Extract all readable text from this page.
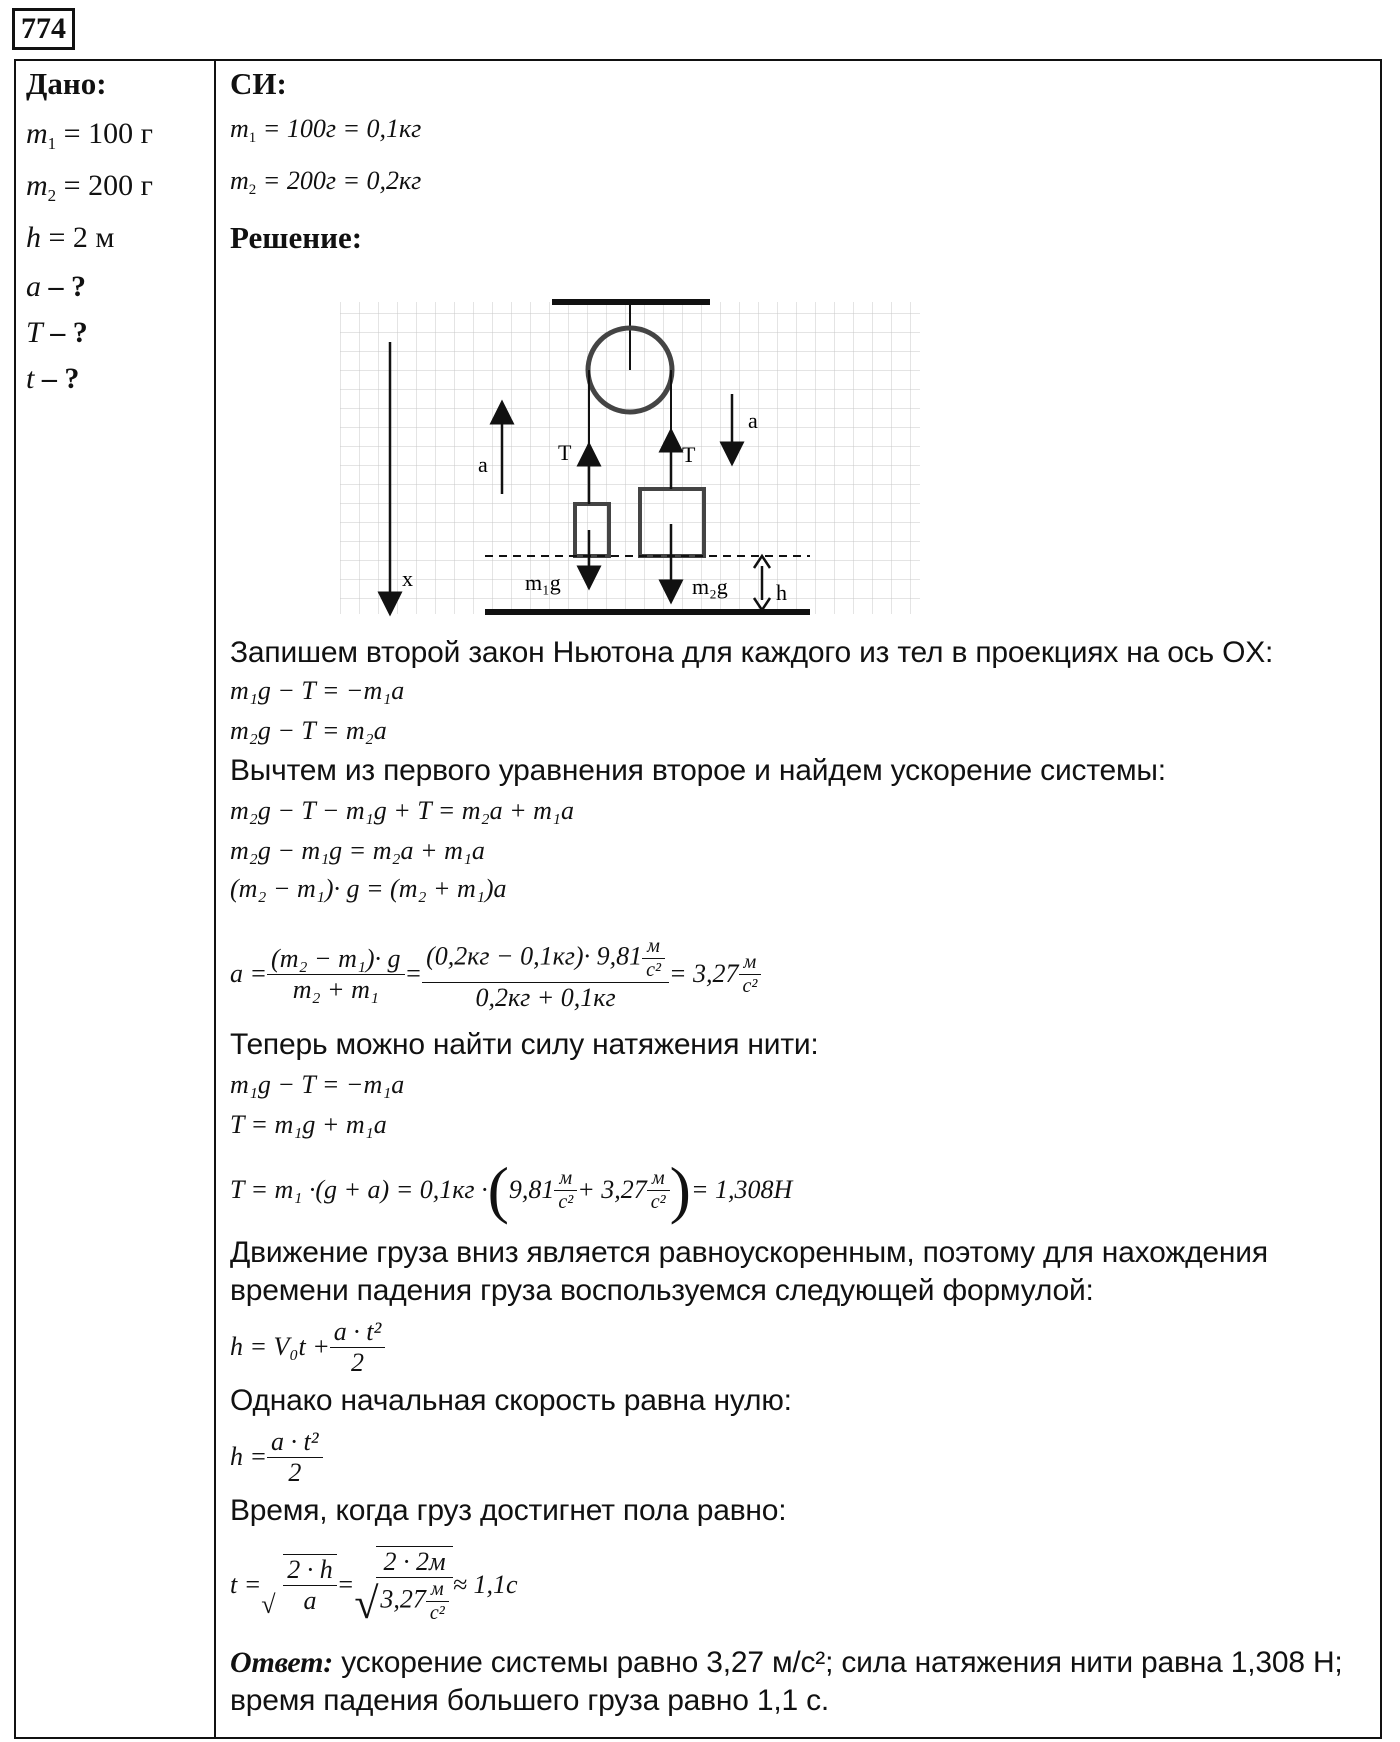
774
Дано:
$m_1 = 100$ г
$m_2 = 200$ г
h = 2 м
a – ?
T – ?
t – ?
СИ:
$m_1 = 100г = 0,1кг$
$m_2 = 200г = 0,2кг$
Решение:
x
a
a
T	T
m₁g	m₂g h
Запишем второй закон Ньютона для каждого из тел в проекциях на ось OX:
m₁g − T = −m₁a
m₂g − T = m₂a
Вычтем из первого уравнения второе и найдем ускорение системы:
m₂g − T − m₁g + T = m₂a + m₁a
m₂g − m₁g = m₂a + m₁a
(m₂ − m₁)· g = (m₂ + m₁)a
$a = \frac{\text{(m₂ − m₁)· g}}{\text{m₂ + m₁}} = \frac{(0,2кг - 0,1кг)\cdot 9,81 \frac{м}{\text{c²}}}{0,2кг + 0,1кг} = 3,27 \frac{м}{\text{c²}}$
Теперь можно найти силу натяжения нити:
m₁g − T = −m₁a
T = m₁g + m₁a
T = m₁ ·(g + a) = 0,1кг · ( $9,81 \frac{м}{\text{c²}} + 3,27 \frac{м}{\text{c²}}$ ) = 1,308H
Движение груза вниз является равноускоренным, поэтому для нахождения времени падения груза воспользуемся следующей формулой:
$h = V_0t + \frac{\text{a · t²}}{2}$
Однако начальная скорость равна нулю:
$h = \frac{\text{a · t²}}{2}$
Время, когда груз достигнет пола равно:
t =
√ $\frac{2 \cdot h}{a}$ = √
$\frac{2 \cdot 2м}{3,27 \frac{м}{\text{c²}}} \approx 1,1c$
Ответ: ускорение системы равно 3,27 м/с²; сила натяжения нити равна 1,308 Н; время падения большего груза равно 1,1 с.
